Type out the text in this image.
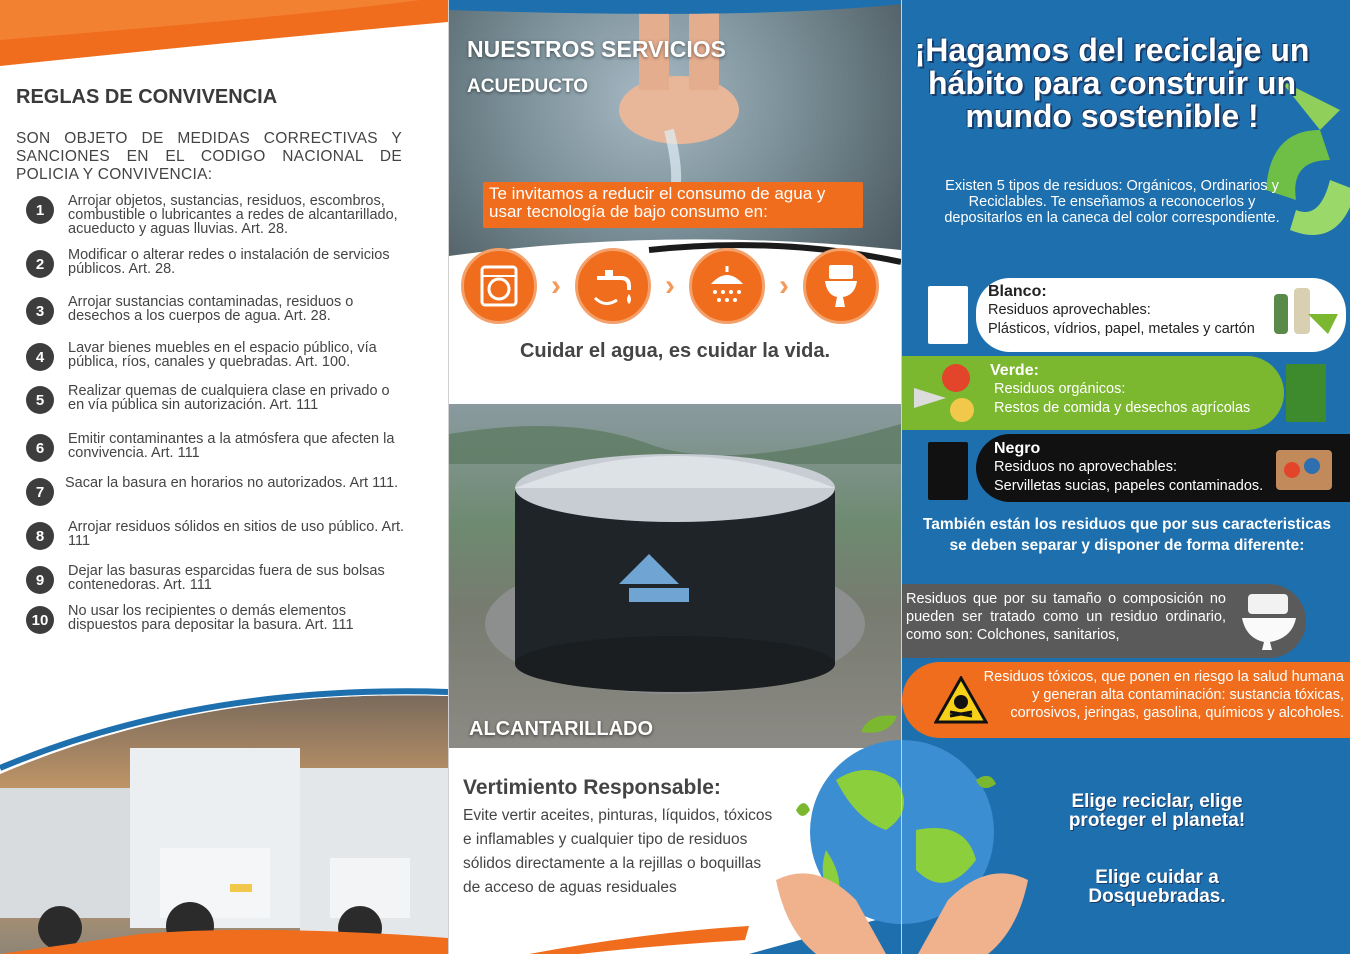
REGLAS DE CONVIVENCIA
SON OBJETO DE MEDIDAS CORRECTIVAS Y SANCIONES EN EL CODIGO NACIONAL DE POLICIA Y CONVIVENCIA:
1
Arrojar objetos, sustancias, residuos, escombros, combustible o lubricantes a redes de alcantarillado, acueducto y aguas lluvias. Art. 28.
2
Modificar o alterar redes o instalación de servicios públicos. Art. 28.
3
Arrojar sustancias contaminadas, residuos o desechos a los cuerpos de agua. Art. 28.
4
Lavar bienes muebles en el espacio público, vía pública, ríos, canales y quebradas. Art. 100.
5
Realizar quemas de cualquiera clase en privado o en vía pública sin autorización. Art. 111
6
Emitir contaminantes a la atmósfera que afecten la convivencia. Art. 111
7
Sacar la basura en horarios no autorizados. Art 111.
8
Arrojar residuos sólidos en sitios de uso público. Art. 111
9
Dejar las basuras esparcidas fuera de sus bolsas contenedoras. Art. 111
10
No usar los recipientes o demás elementos dispuestos para depositar la basura. Art. 111
NUESTROS SERVICIOS
ACUEDUCTO
Te invitamos a reducir el consumo de agua y usar tecnología de bajo consumo en:
›	›	›
Cuidar el agua, es cuidar la vida.
ALCANTARILLADO
Vertimiento Responsable:
Evite vertir aceites, pinturas, líquidos, tóxicos e inflamables y cualquier tipo de residuos sólidos directamente a la rejillas o boquillas de acceso de aguas residuales
¡Hagamos del reciclaje un hábito para construir un mundo sostenible !
Existen 5 tipos de residuos: Orgánicos, Ordinarios y Reciclables. Te enseñamos a reconocerlos y depositarlos en la caneca del color correspondiente.
Blanco:
Residuos aprovechables:
Plásticos, vídrios, papel, metales y cartón
Verde:
Residuos orgánicos:
Restos de comida y desechos agrícolas
Negro
Residuos no aprovechables:
Servilletas sucias, papeles contaminados.
También están los residuos que por sus caracteristicas se deben separar y disponer de forma diferente:
Residuos que por su tamaño o composición no pueden ser tratado como un residuo ordinario, como son: Colchones, sanitarios,
Residuos tóxicos, que ponen en riesgo la salud humana y generan alta contaminación: sustancia tóxicas, corrosivos, jeringas, gasolina, químicos y alcoholes.
Elige reciclar, elige proteger el planeta!
Elige cuidar a Dosquebradas.
